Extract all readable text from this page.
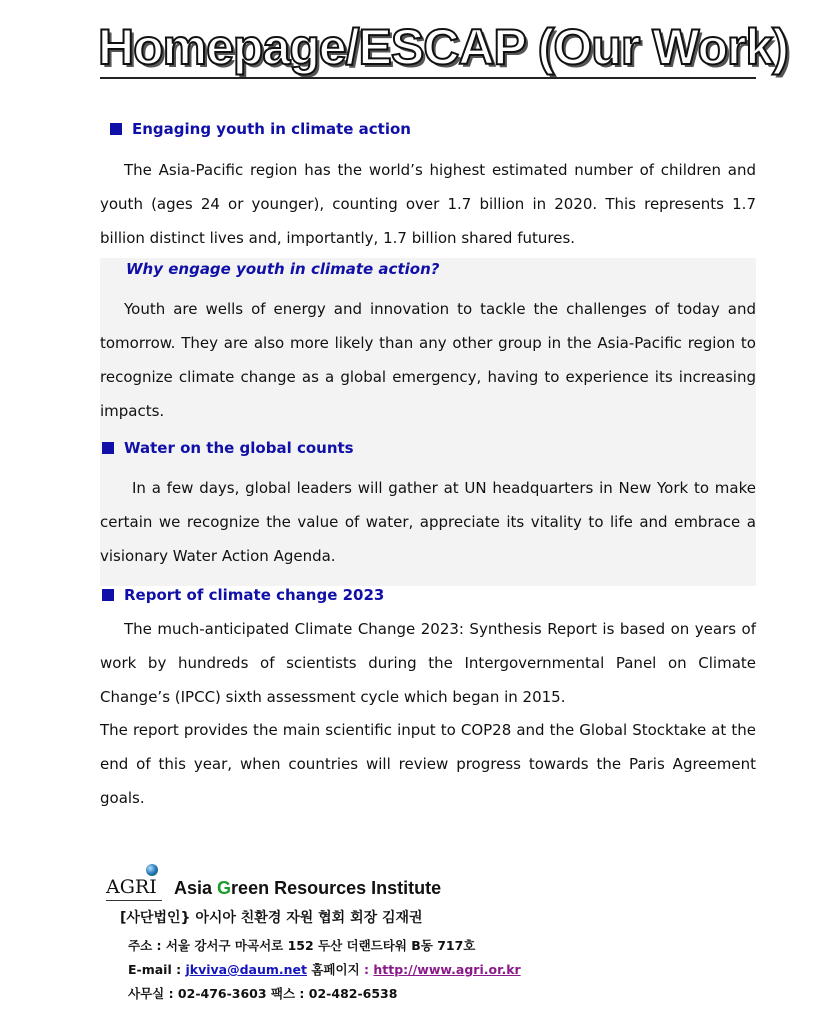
Homepage/ESCAP (Our Work)
Engaging youth in climate action

The Asia-Pacific region has the world’s highest estimated number of children and youth (ages 24 or younger), counting over 1.7 billion in 2020. This represents 1.7 billion distinct lives and, importantly, 1.7 billion shared futures.

Why engage youth in climate action?

Youth are wells of energy and innovation to tackle the challenges of today and tomorrow. They are also more likely than any other group in the Asia-Pacific region to recognize climate change as a global emergency, having to experience its increasing impacts.

Water on the global counts

In a few days, global leaders will gather at UN headquarters in New York to make certain we recognize the value of water, appreciate its vitality to life and embrace a visionary Water Action Agenda.

Report of climate change 2023

The much-anticipated Climate Change 2023: Synthesis Report is based on years of work by hundreds of scientists during the Intergovernmental Panel on Climate Change’s (IPCC) sixth assessment cycle which began in 2015.

The report provides the main scientific input to COP28 and the Global Stocktake at the end of this year, when countries will review progress towards the Paris Agreement goals.

AGRI Asia Green Resources Institute
[사단법인} 아시아 친환경 자원 협회 회장 김재권
주소 : 서울 강서구 마곡서로 152 두산 더랜드타워 B동 717호
E-mail : jkviva@daum.net 홈페이지 : http://www.agri.or.kr
사무실 : 02-476-3603 팩스 : 02-482-6538
